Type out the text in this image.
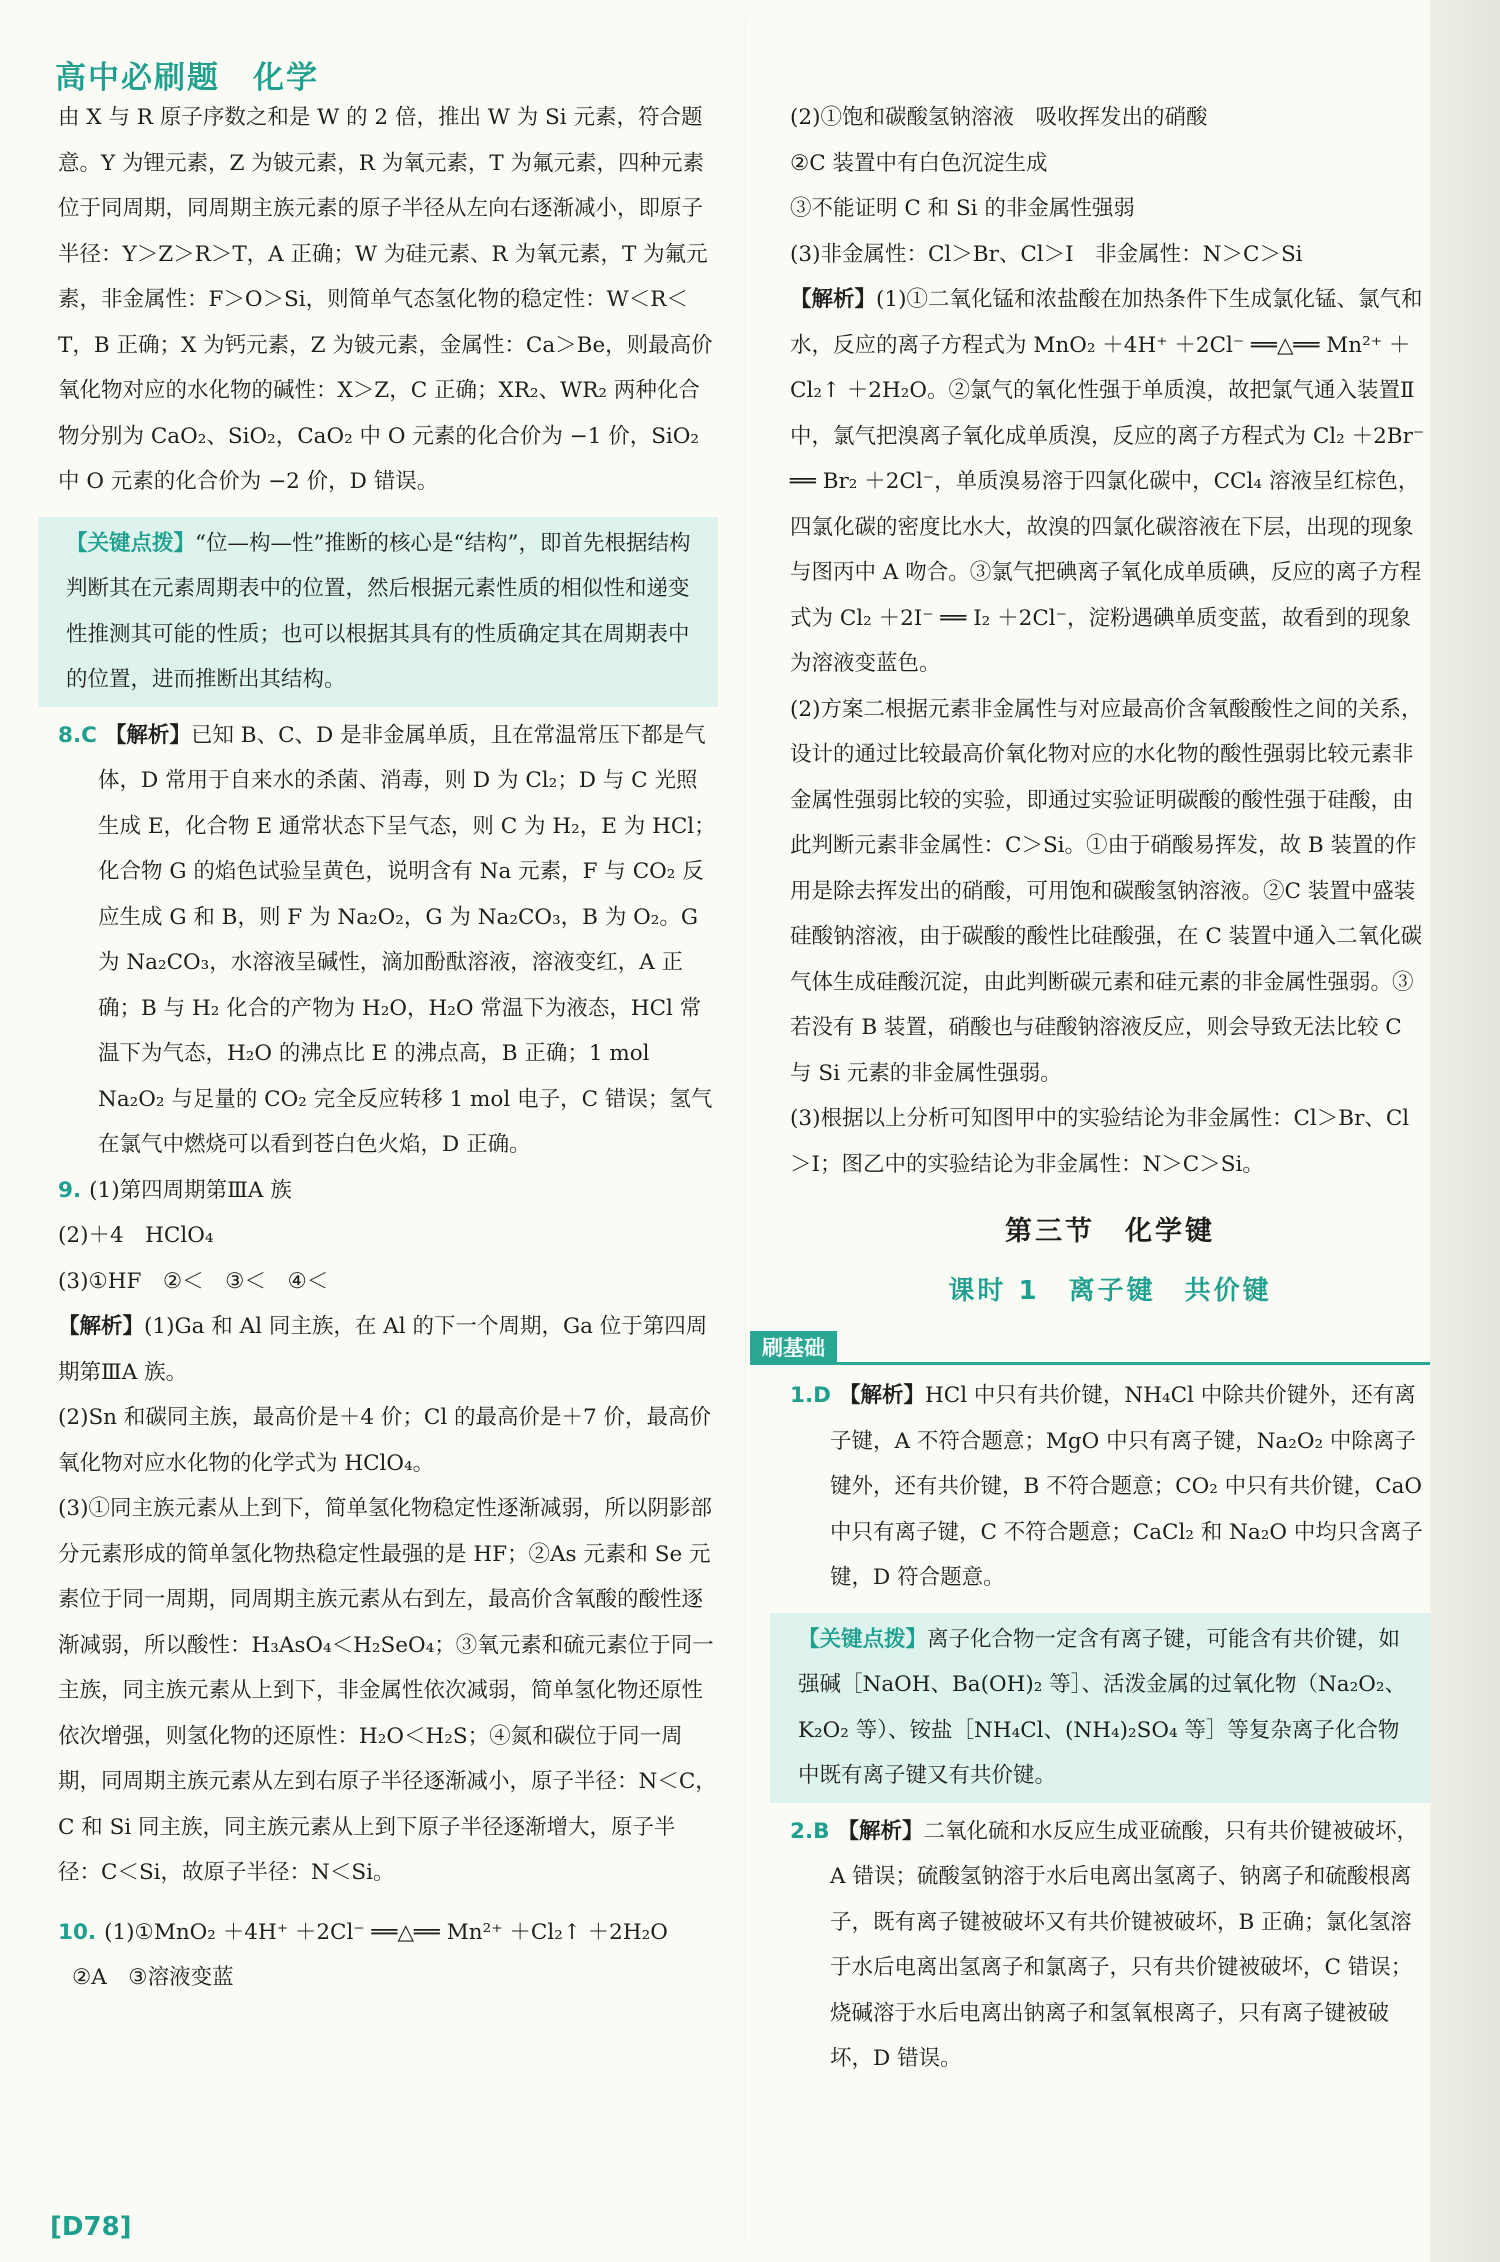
高中必刷题　化学

由 X 与 R 原子序数之和是 W 的 2 倍，推出 W 为 Si 元素，符合题意。Y 为锂元素，Z 为铍元素，R 为氧元素，T 为氟元素，四种元素位于同周期，同周期主族元素的原子半径从左向右逐渐减小，即原子半径：Y＞Z＞R＞T，A 正确；W 为硅元素、R 为氧元素，T 为氟元素，非金属性：F＞O＞Si，则简单气态氢化物的稳定性：W＜R＜T，B 正确；X 为钙元素，Z 为铍元素，金属性：Ca＞Be，则最高价氧化物对应的水化物的碱性：X＞Z，C 正确；XR₂、WR₂ 两种化合物分别为 CaO₂、SiO₂，CaO₂ 中 O 元素的化合价为 −1 价，SiO₂ 中 O 元素的化合价为 −2 价，D 错误。

【关键点拨】“位—构—性”推断的核心是“结构”，即首先根据结构判断其在元素周期表中的位置，然后根据元素性质的相似性和递变性推测其可能的性质；也可以根据其具有的性质确定其在周期表中的位置，进而推断出其结构。

8.C 【解析】已知 B、C、D 是非金属单质，且在常温常压下都是气体，D 常用于自来水的杀菌、消毒，则 D 为 Cl₂；D 与 C 光照生成 E，化合物 E 通常状态下呈气态，则 C 为 H₂，E 为 HCl；化合物 G 的焰色试验呈黄色，说明含有 Na 元素，F 与 CO₂ 反应生成 G 和 B，则 F 为 Na₂O₂，G 为 Na₂CO₃，B 为 O₂。G 为 Na₂CO₃，水溶液呈碱性，滴加酚酞溶液，溶液变红，A 正确；B 与 H₂ 化合的产物为 H₂O，H₂O 常温下为液态，HCl 常温下为气态，H₂O 的沸点比 E 的沸点高，B 正确；1 mol Na₂O₂ 与足量的 CO₂ 完全反应转移 1 mol 电子，C 错误；氢气在氯气中燃烧可以看到苍白色火焰，D 正确。

9. (1)第四周期第ⅢA 族

(2)＋4　HClO₄

(3)①HF　②＜　③＜　④＜

【解析】(1)Ga 和 Al 同主族，在 Al 的下一个周期，Ga 位于第四周期第ⅢA 族。

(2)Sn 和碳同主族，最高价是＋4 价；Cl 的最高价是＋7 价，最高价氧化物对应水化物的化学式为 HClO₄。

(3)①同主族元素从上到下，简单氢化物稳定性逐渐减弱，所以阴影部分元素形成的简单氢化物热稳定性最强的是 HF；②As 元素和 Se 元素位于同一周期，同周期主族元素从右到左，最高价含氧酸的酸性逐渐减弱，所以酸性：H₃AsO₄＜H₂SeO₄；③氧元素和硫元素位于同一主族，同主族元素从上到下，非金属性依次减弱，简单氢化物还原性依次增强，则氢化物的还原性：H₂O＜H₂S；④氮和碳位于同一周期，同周期主族元素从左到右原子半径逐渐减小，原子半径：N＜C，C 和 Si 同主族，同主族元素从上到下原子半径逐渐增大，原子半径：C＜Si，故原子半径：N＜Si。

10. (1)①MnO₂ ＋4H⁺ ＋2Cl⁻ ══△══ Mn²⁺ ＋Cl₂↑ ＋2H₂O

②A　③溶液变蓝

(2)①饱和碳酸氢钠溶液　吸收挥发出的硝酸

②C 装置中有白色沉淀生成

③不能证明 C 和 Si 的非金属性强弱

(3)非金属性：Cl＞Br、Cl＞I　非金属性：N＞C＞Si

【解析】(1)①二氧化锰和浓盐酸在加热条件下生成氯化锰、氯气和水，反应的离子方程式为 MnO₂ ＋4H⁺ ＋2Cl⁻ ══△══ Mn²⁺ ＋Cl₂↑ ＋2H₂O。②氯气的氧化性强于单质溴，故把氯气通入装置Ⅱ中，氯气把溴离子氧化成单质溴，反应的离子方程式为 Cl₂ ＋2Br⁻ ══ Br₂ ＋2Cl⁻，单质溴易溶于四氯化碳中，CCl₄ 溶液呈红棕色，四氯化碳的密度比水大，故溴的四氯化碳溶液在下层，出现的现象与图丙中 A 吻合。③氯气把碘离子氧化成单质碘，反应的离子方程式为 Cl₂ ＋2I⁻ ══ I₂ ＋2Cl⁻，淀粉遇碘单质变蓝，故看到的现象为溶液变蓝色。

(2)方案二根据元素非金属性与对应最高价含氧酸酸性之间的关系，设计的通过比较最高价氧化物对应的水化物的酸性强弱比较元素非金属性强弱比较的实验，即通过实验证明碳酸的酸性强于硅酸，由此判断元素非金属性：C＞Si。①由于硝酸易挥发，故 B 装置的作用是除去挥发出的硝酸，可用饱和碳酸氢钠溶液。②C 装置中盛装硅酸钠溶液，由于碳酸的酸性比硅酸强，在 C 装置中通入二氧化碳气体生成硅酸沉淀，由此判断碳元素和硅元素的非金属性强弱。③若没有 B 装置，硝酸也与硅酸钠溶液反应，则会导致无法比较 C 与 Si 元素的非金属性强弱。

(3)根据以上分析可知图甲中的实验结论为非金属性：Cl＞Br、Cl＞I；图乙中的实验结论为非金属性：N＞C＞Si。

第三节　化学键
课时 1　离子键　共价键
刷基础

1.D 【解析】HCl 中只有共价键，NH₄Cl 中除共价键外，还有离子键，A 不符合题意；MgO 中只有离子键，Na₂O₂ 中除离子键外，还有共价键，B 不符合题意；CO₂ 中只有共价键，CaO 中只有离子键，C 不符合题意；CaCl₂ 和 Na₂O 中均只含离子键，D 符合题意。

【关键点拨】离子化合物一定含有离子键，可能含有共价键，如强碱［NaOH、Ba(OH)₂ 等］、活泼金属的过氧化物（Na₂O₂、K₂O₂ 等）、铵盐［NH₄Cl、(NH₄)₂SO₄ 等］等复杂离子化合物中既有离子键又有共价键。

2.B 【解析】二氧化硫和水反应生成亚硫酸，只有共价键被破坏，A 错误；硫酸氢钠溶于水后电离出氢离子、钠离子和硫酸根离子，既有离子键被破坏又有共价键被破坏，B 正确；氯化氢溶于水后电离出氢离子和氯离子，只有共价键被破坏，C 错误；烧碱溶于水后电离出钠离子和氢氧根离子，只有离子键被破坏，D 错误。

[D78]
